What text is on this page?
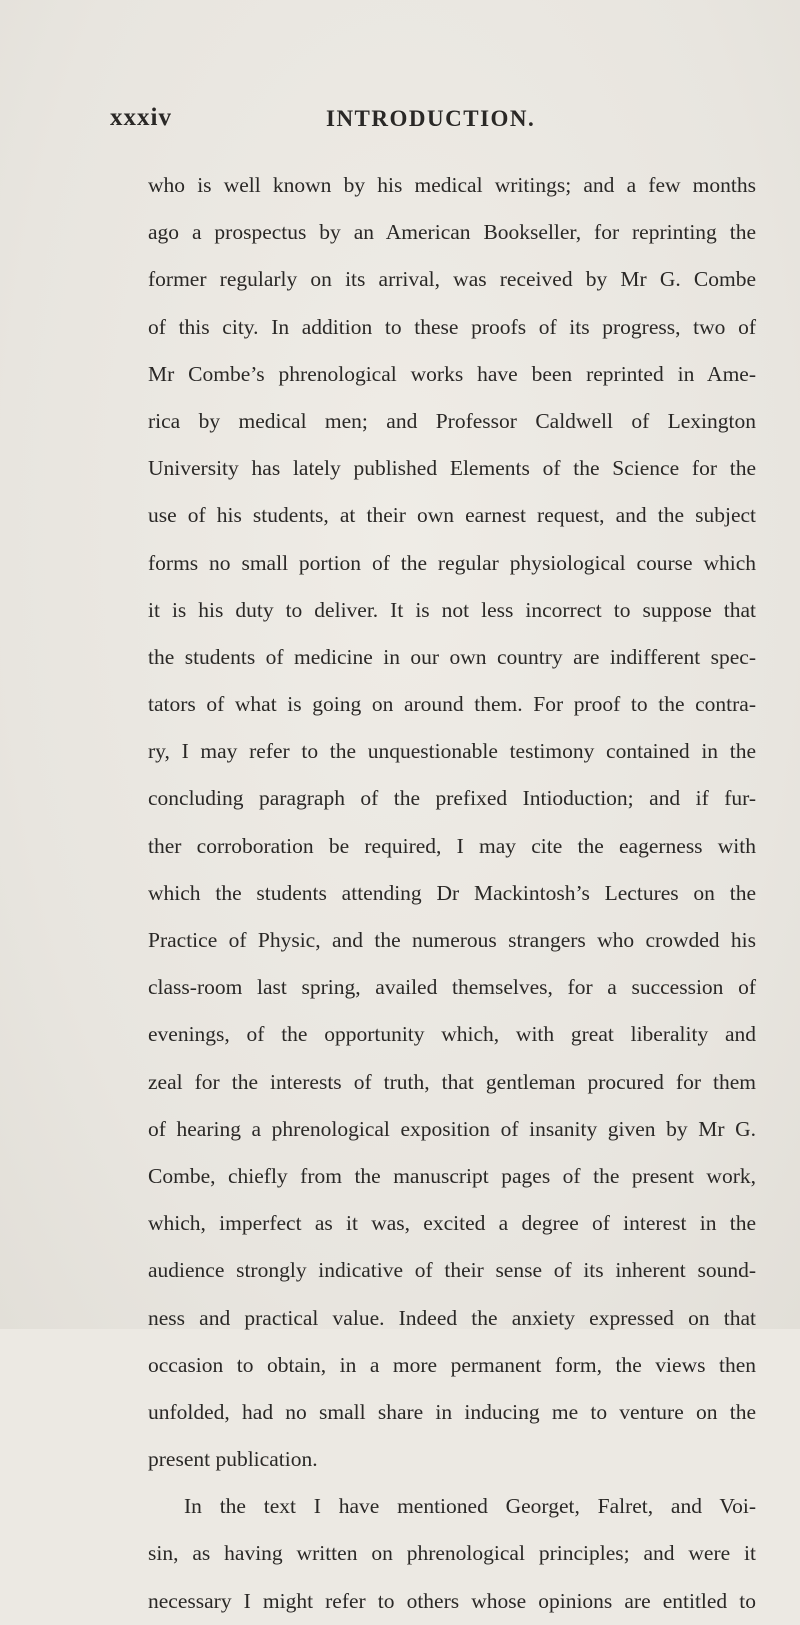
xxxiv	INTRODUCTION.
who is well known by his medical writings; and a few months
ago a prospectus by an American Bookseller, for reprinting the
former regularly on its arrival, was received by Mr G. Combe
of this city. In addition to these proofs of its progress, two of
Mr Combe’s phrenological works have been reprinted in Ame-
rica by medical men; and Professor Caldwell of Lexington
University has lately published Elements of the Science for the
use of his students, at their own earnest request, and the subject
forms no small portion of the regular physiological course which
it is his duty to deliver. It is not less incorrect to suppose that
the students of medicine in our own country are indifferent spec-
tators of what is going on around them. For proof to the contra-
ry, I may refer to the unquestionable testimony contained in the
concluding paragraph of the prefixed Intioduction; and if fur-
ther corroboration be required, I may cite the eagerness with
which the students attending Dr Mackintosh’s Lectures on the
Practice of Physic, and the numerous strangers who crowded his
class-room last spring, availed themselves, for a succession of
evenings, of the opportunity which, with great liberality and
zeal for the interests of truth, that gentleman procured for them
of hearing a phrenological exposition of insanity given by Mr G.
Combe, chiefly from the manuscript pages of the present work,
which, imperfect as it was, excited a degree of interest in the
audience strongly indicative of their sense of its inherent sound-
ness and practical value. Indeed the anxiety expressed on that
occasion to obtain, in a more permanent form, the views then
unfolded, had no small share in inducing me to venture on the
present publication.
In the text I have mentioned Georget, Falret, and Voi-
sin, as having written on phrenological principles; and were it
necessary I might refer to others whose opinions are entitled to
